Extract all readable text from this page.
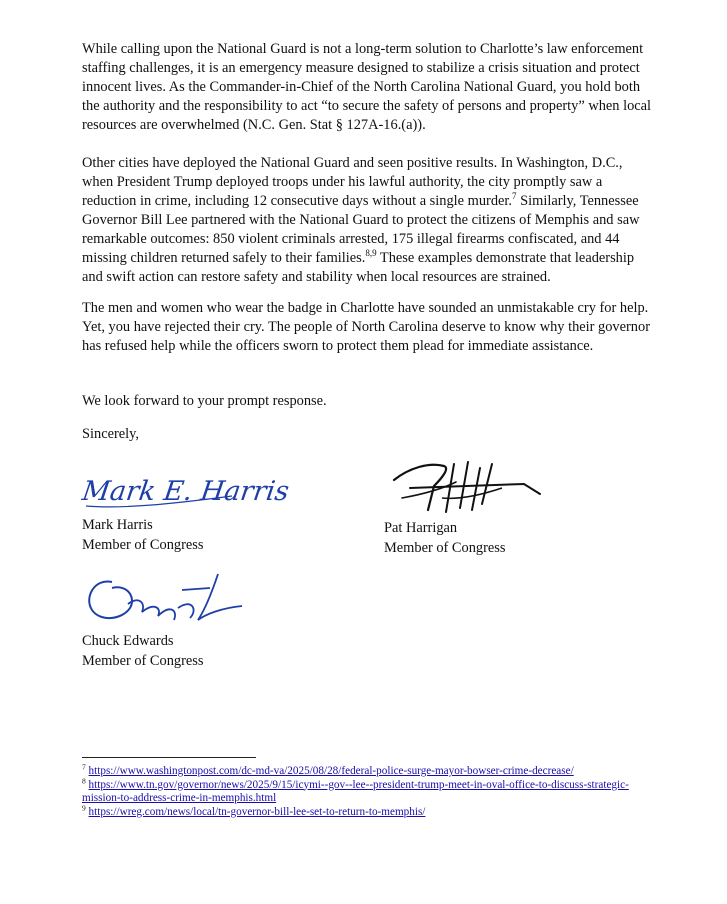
While calling upon the National Guard is not a long-term solution to Charlotte’s law enforcement staffing challenges, it is an emergency measure designed to stabilize a crisis situation and protect innocent lives. As the Commander-in-Chief of the North Carolina National Guard, you hold both the authority and the responsibility to act “to secure the safety of persons and property” when local resources are overwhelmed (N.C. Gen. Stat § 127A-16.(a)).

Other cities have deployed the National Guard and seen positive results. In Washington, D.C., when President Trump deployed troops under his lawful authority, the city promptly saw a reduction in crime, including 12 consecutive days without a single murder.$^7$ Similarly, Tennessee Governor Bill Lee partnered with the National Guard to protect the citizens of Memphis and saw remarkable outcomes: 850 violent criminals arrested, 175 illegal firearms confiscated, and 44 missing children returned safely to their families.$^{8,9}$ These examples demonstrate that leadership and swift action can restore safety and stability when local resources are strained.

The men and women who wear the badge in Charlotte have sounded an unmistakable cry for help. Yet, you have rejected their cry. The people of North Carolina deserve to know why their governor has refused help while the officers sworn to protect them plead for immediate assistance.

We look forward to your prompt response.

Sincerely,

Mark E. Harris
Mark Harris
Member of Congress
Pat Harrigan
Member of Congress
Chuck Edwards
Member of Congress

$^7$ https://www.washingtonpost.com/dc-md-va/2025/08/28/federal-police-surge-mayor-bowser-crime-decrease/

$^8$ https://www.tn.gov/governor/news/2025/9/15/icymi--gov--lee--president-trump-meet-in-oval-office-to-discuss-strategic-mission-to-address-crime-in-memphis.html

$^9$ https://wreg.com/news/local/tn-governor-bill-lee-set-to-return-to-memphis/
